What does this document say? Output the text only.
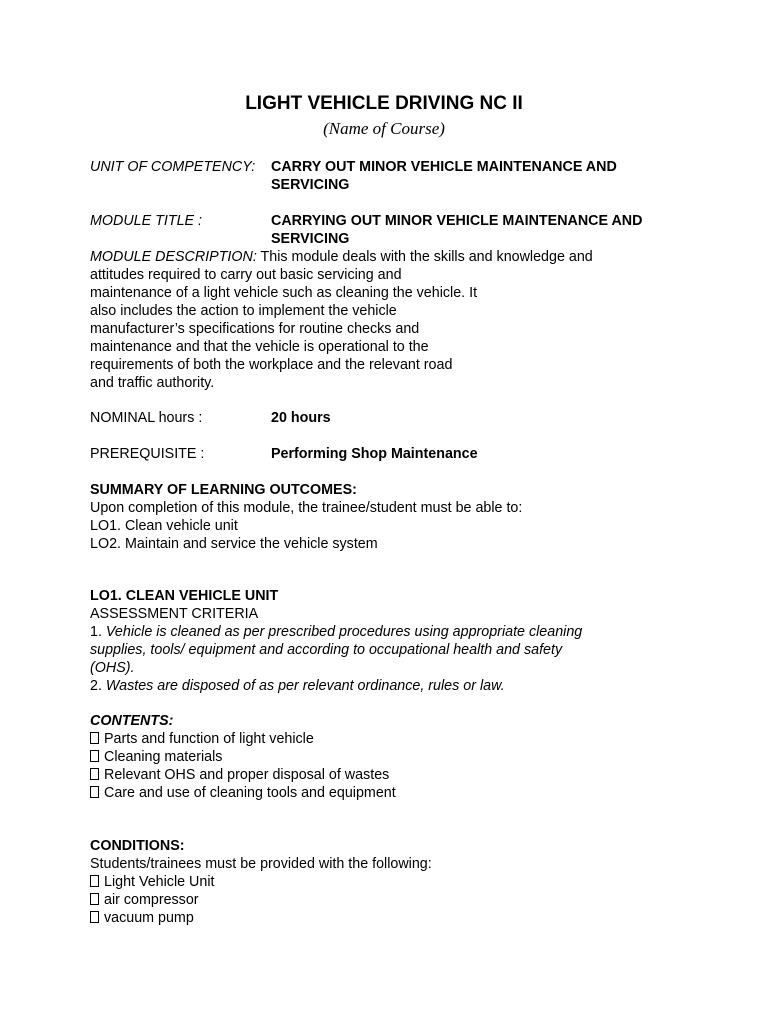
LIGHT VEHICLE DRIVING NC II
(Name of Course)
UNIT OF COMPETENCY: CARRY OUT MINOR VEHICLE MAINTENANCE AND
SERVICING
MODULE TITLE :	CARRYING OUT MINOR VEHICLE MAINTENANCE AND
SERVICING
MODULE DESCRIPTION: This module deals with the skills and knowledge and
attitudes required to carry out basic servicing and
maintenance of a light vehicle such as cleaning the vehicle. It
also includes the action to implement the vehicle
manufacturer’s specifications for routine checks and
maintenance and that the vehicle is operational to the
requirements of both the workplace and the relevant road
and traffic authority.
NOMINAL hours :	20 hours
PREREQUISITE :	Performing Shop Maintenance
SUMMARY OF LEARNING OUTCOMES:
Upon completion of this module, the trainee/student must be able to:
LO1. Clean vehicle unit
LO2. Maintain and service the vehicle system
LO1. CLEAN VEHICLE UNIT
ASSESSMENT CRITERIA
1. Vehicle is cleaned as per prescribed procedures using appropriate cleaning
supplies, tools/ equipment and according to occupational health and safety
(OHS).
2. Wastes are disposed of as per relevant ordinance, rules or law.
CONTENTS:
Parts and function of light vehicle
Cleaning materials
Relevant OHS and proper disposal of wastes
Care and use of cleaning tools and equipment
CONDITIONS:
Students/trainees must be provided with the following:
Light Vehicle Unit
air compressor
vacuum pump
